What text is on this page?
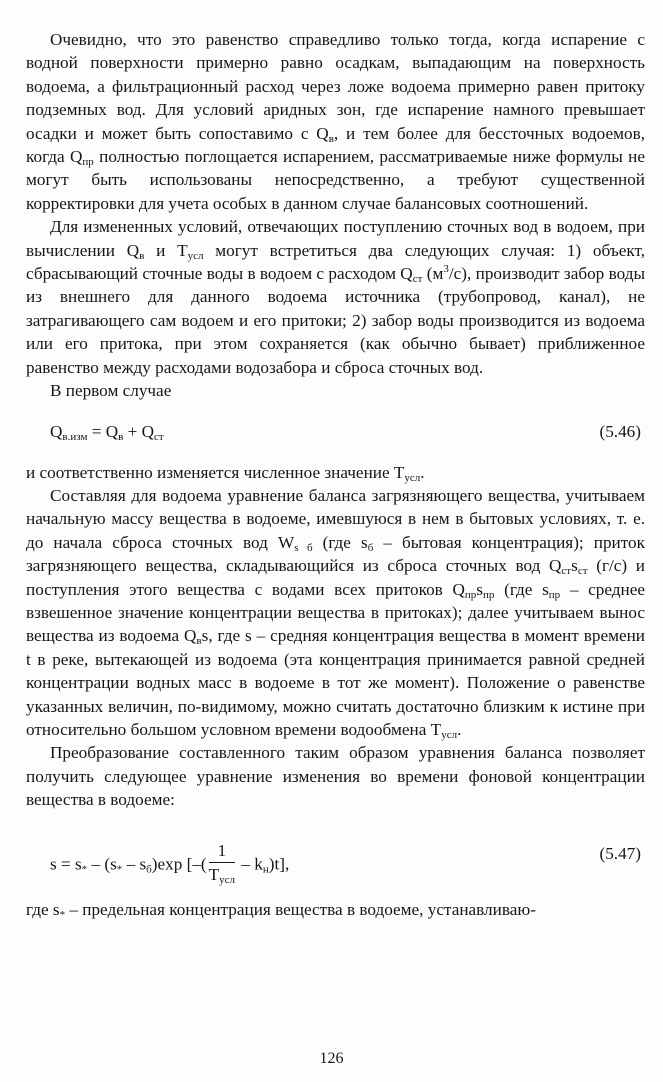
Очевидно, что это равенство справедливо только тогда, когда испарение с водной поверхности примерно равно осадкам, выпадающим на поверхность водоема, а фильтрационный расход через ложе водоема примерно равен притоку подземных вод. Для условий аридных зон, где испарение намного превышает осадки и может быть сопоставимо с $Q_в$, и тем более для бессточных водоемов, когда $Q_{пр}$ полностью поглощается испарением, рассматриваемые ниже формулы не могут быть использованы непосредственно, а требуют существенной корректировки для учета особых в данном случае балансовых соотношений.

Для измененных условий, отвечающих поступлению сточных вод в водоем, при вычислении $Q_в$ и $T_{усл}$ могут встретиться два следующих случая: 1) объект, сбрасывающий сточные воды в водоем с расходом $Q_{ст}$ $(м^3/с)$, производит забор воды из внешнего для данного водоема источника (трубопровод, канал), не затрагивающего сам водоем и его притоки; 2) забор воды производится из водоема или его притока, при этом сохраняется (как обычно бывает) приближенное равенство между расходами водозабора и сброса сточных вод.

В первом случае

$Q_{в.изм} = Q_в + Q_{ст}$	(5.46)

и соответственно изменяется численное значение $T_{усл}$.

Составляя для водоема уравнение баланса загрязняющего вещества, учитываем начальную массу вещества в водоеме, имевшуюся в нем в бытовых условиях, т. е. до начала сброса сточных вод $W_{s б}$ (где $s_б$ – бытовая концентрация); приток загрязняющего вещества, складывающийся из сброса сточных вод $Q_{ст}s_{ст}$ (г/с) и поступления этого вещества с водами всех притоков $Q_{пр}s_{пр}$ (где $s_{пр}$ – среднее взвешенное значение концентрации вещества в притоках); далее учитываем вынос вещества из водоема $Q_вs$, где s – средняя концентрация вещества в момент времени t в реке, вытекающей из водоема (эта концентрация принимается равной средней концентрации водных масс в водоеме в тот же момент). Положение о равенстве указанных величин, по-видимому, можно считать достаточно близким к истине при относительно большом условном времени водообмена $T_{усл}$.

Преобразование составленного таким образом уравнения баланса позволяет получить следующее уравнение изменения во времени фоновой концентрации вещества в водоеме:

$s = s_* - (s_* - s_б)\exp$ [–( $\frac{1}{T_{усл}} - k_н)t$],
(5.47)

где $s_*$ – предельная концентрация вещества в водоеме, устанавливаю-

126
